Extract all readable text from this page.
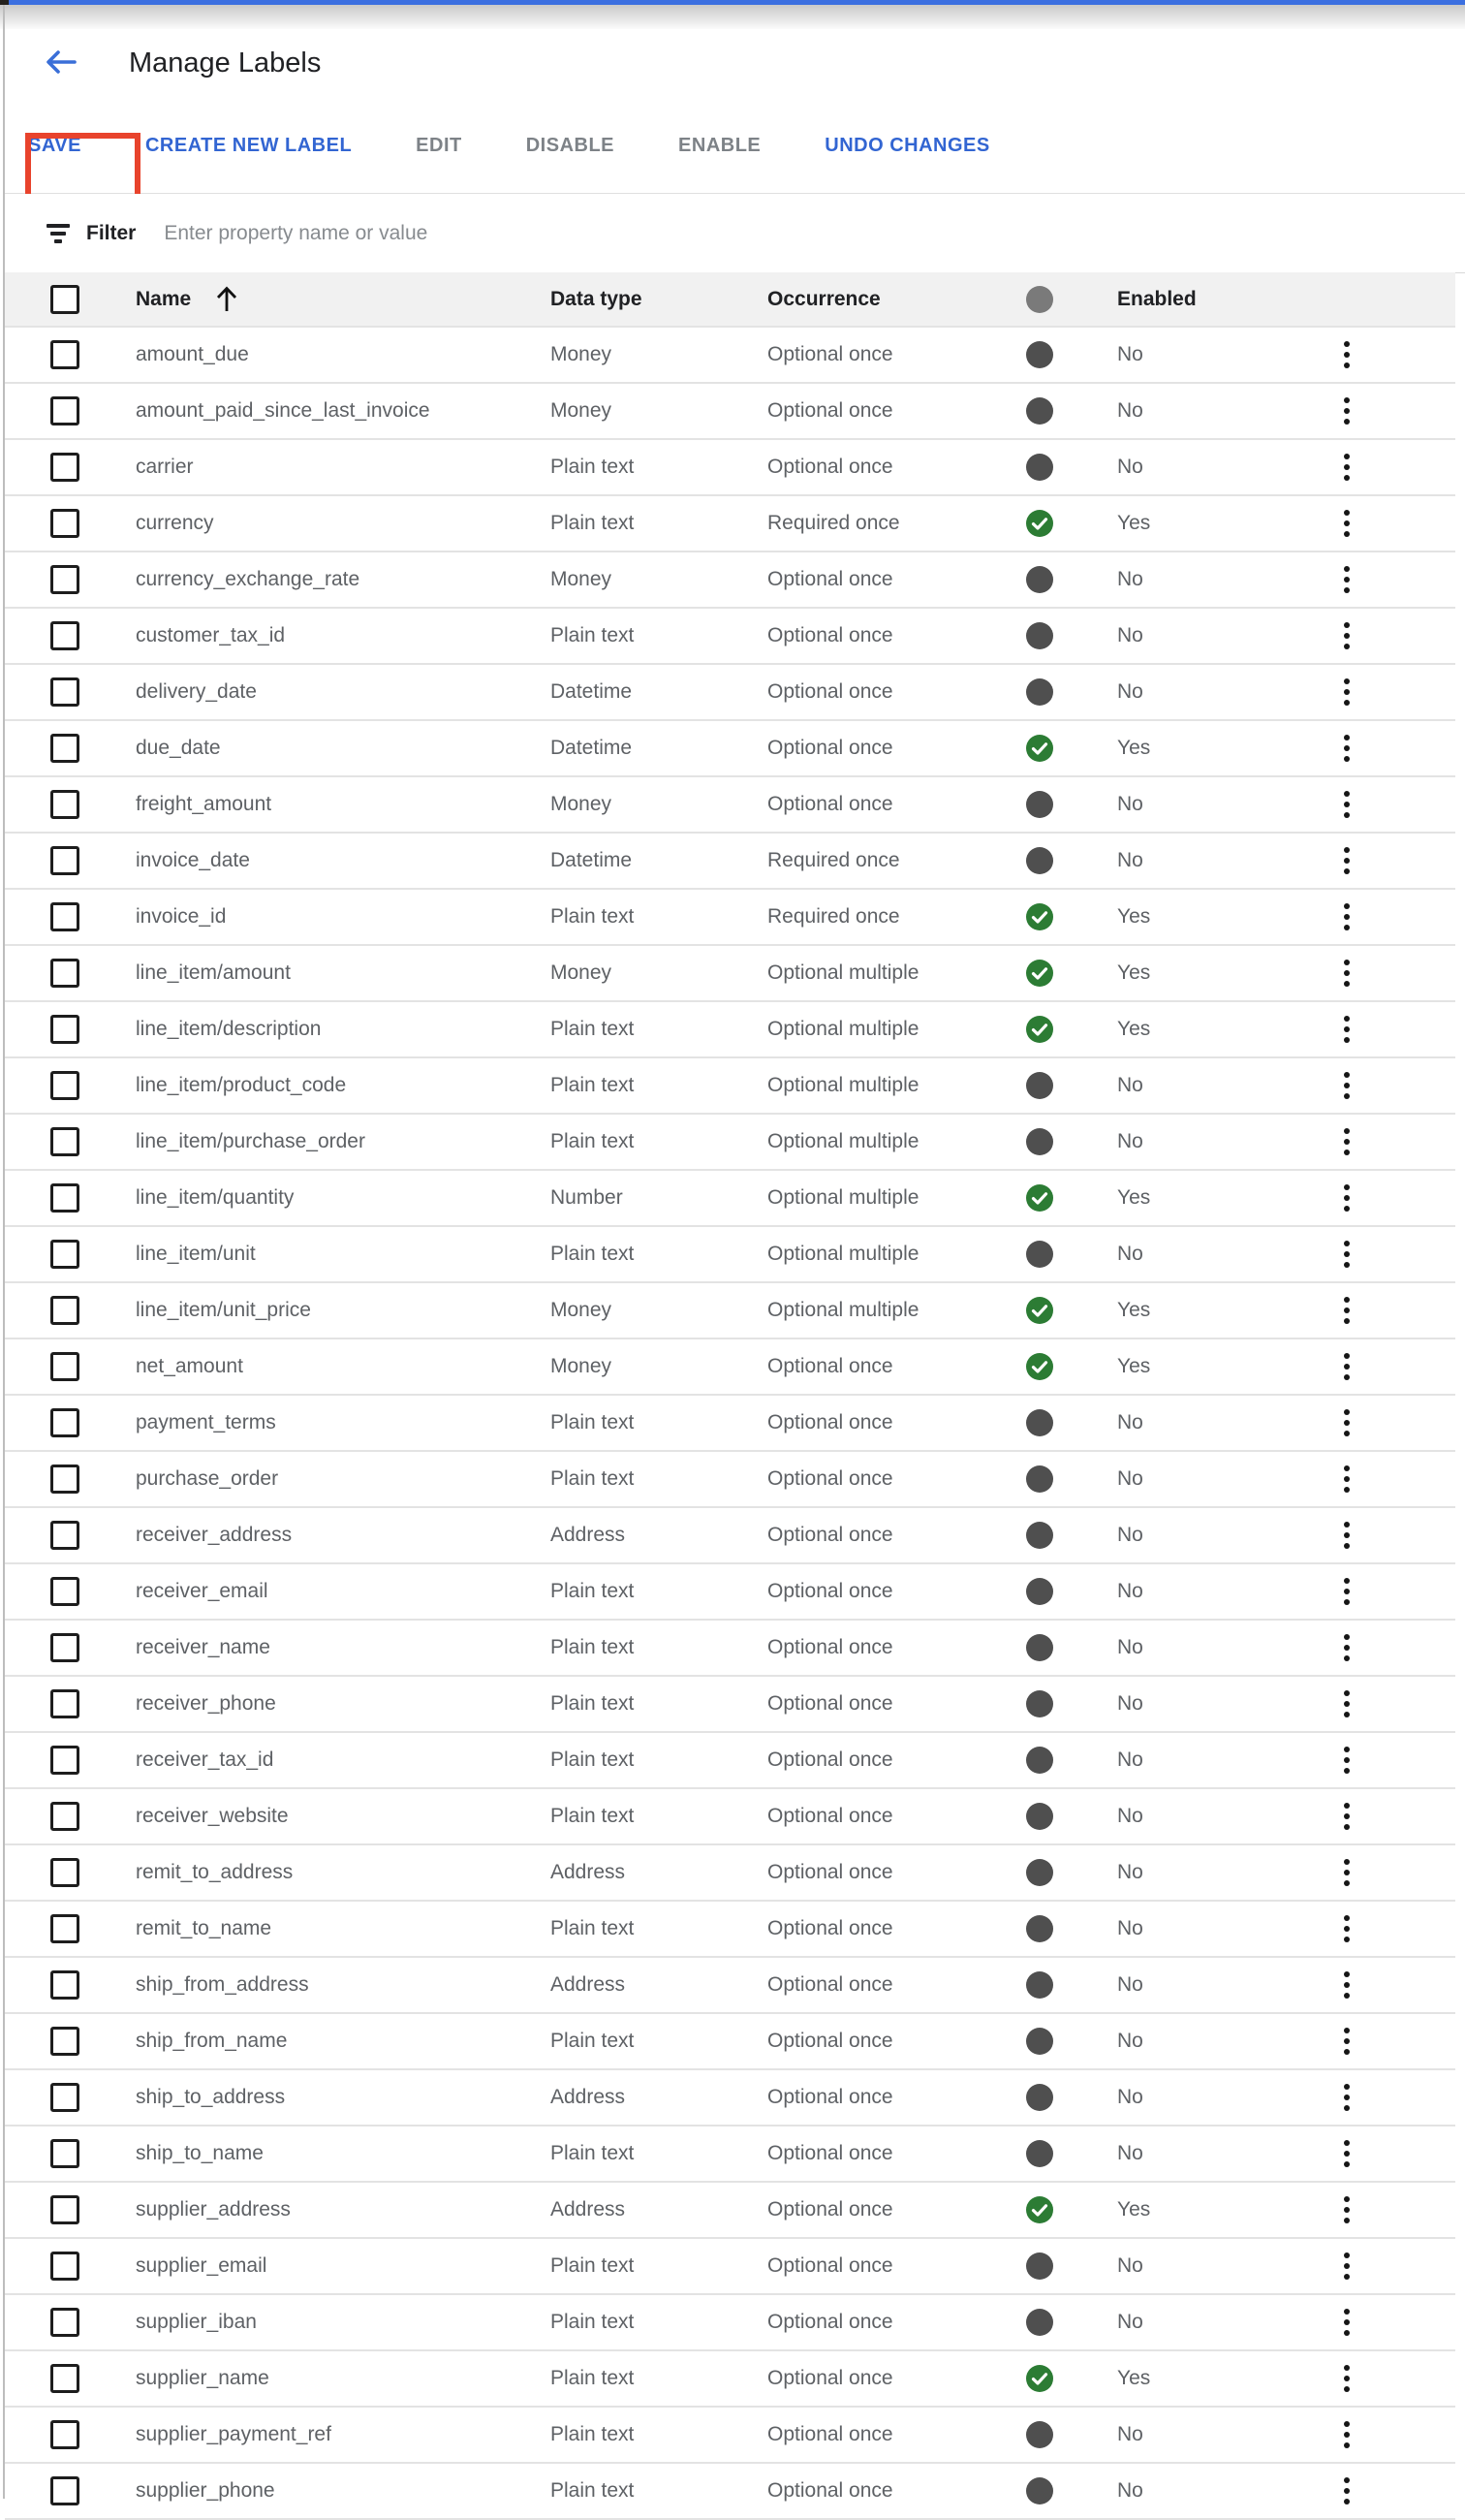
Manage Labels
SAVE	CREATE NEW LABEL	EDIT	DISABLE	ENABLE	UNDO CHANGES
Filter
Enter property name or value
Name	Data type	Occurrence	Enabled
amount_due	Money	Optional once	No
amount_paid_since_last_invoice	Money	Optional once	No
carrier	Plain text	Optional once	No
currency	Plain text	Required once	Yes
currency_exchange_rate	Money	Optional once	No
customer_tax_id	Plain text	Optional once	No
delivery_date	Datetime	Optional once	No
due_date	Datetime	Optional once	Yes
freight_amount	Money	Optional once	No
invoice_date	Datetime	Required once	No
invoice_id	Plain text	Required once	Yes
line_item/amount	Money	Optional multiple	Yes
line_item/description	Plain text	Optional multiple	Yes
line_item/product_code	Plain text	Optional multiple	No
line_item/purchase_order	Plain text	Optional multiple	No
line_item/quantity	Number	Optional multiple	Yes
line_item/unit	Plain text	Optional multiple	No
line_item/unit_price	Money	Optional multiple	Yes
net_amount	Money	Optional once	Yes
payment_terms	Plain text	Optional once	No
purchase_order	Plain text	Optional once	No
receiver_address	Address	Optional once	No
receiver_email	Plain text	Optional once	No
receiver_name	Plain text	Optional once	No
receiver_phone	Plain text	Optional once	No
receiver_tax_id	Plain text	Optional once	No
receiver_website	Plain text	Optional once	No
remit_to_address	Address	Optional once	No
remit_to_name	Plain text	Optional once	No
ship_from_address	Address	Optional once	No
ship_from_name	Plain text	Optional once	No
ship_to_address	Address	Optional once	No
ship_to_name	Plain text	Optional once	No
supplier_address	Address	Optional once	Yes
supplier_email	Plain text	Optional once	No
supplier_iban	Plain text	Optional once	No
supplier_name	Plain text	Optional once	Yes
supplier_payment_ref	Plain text	Optional once	No
supplier_phone	Plain text	Optional once	No
